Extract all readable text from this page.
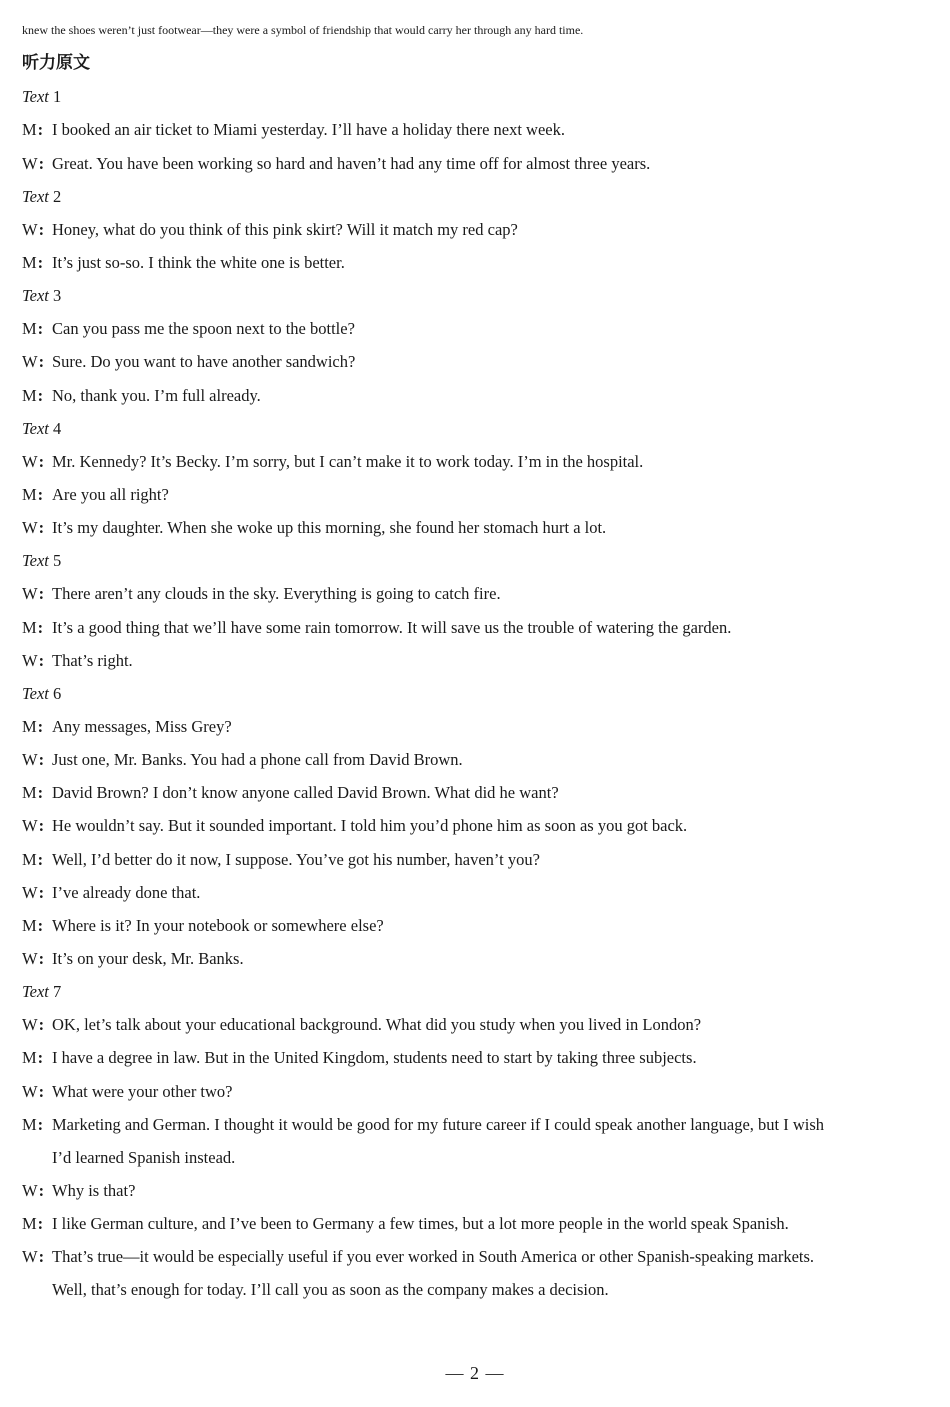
knew the shoes weren’t just footwear—they were a symbol of friendship that would carry her through any hard time.
听力原文
Text 1
M: I booked an air ticket to Miami yesterday. I’ll have a holiday there next week.
W: Great. You have been working so hard and haven’t had any time off for almost three years.
Text 2
W: Honey, what do you think of this pink skirt? Will it match my red cap?
M: It’s just so-so. I think the white one is better.
Text 3
M: Can you pass me the spoon next to the bottle?
W: Sure. Do you want to have another sandwich?
M: No, thank you. I’m full already.
Text 4
W: Mr. Kennedy? It’s Becky. I’m sorry, but I can’t make it to work today. I’m in the hospital.
M: Are you all right?
W: It’s my daughter. When she woke up this morning, she found her stomach hurt a lot.
Text 5
W: There aren’t any clouds in the sky. Everything is going to catch fire.
M: It’s a good thing that we’ll have some rain tomorrow. It will save us the trouble of watering the garden.
W: That’s right.
Text 6
M: Any messages, Miss Grey?
W: Just one, Mr. Banks. You had a phone call from David Brown.
M: David Brown? I don’t know anyone called David Brown. What did he want?
W: He wouldn’t say. But it sounded important. I told him you’d phone him as soon as you got back.
M: Well, I’d better do it now, I suppose. You’ve got his number, haven’t you?
W: I’ve already done that.
M: Where is it? In your notebook or somewhere else?
W: It’s on your desk, Mr. Banks.
Text 7
W: OK, let’s talk about your educational background. What did you study when you lived in London?
M: I have a degree in law. But in the United Kingdom, students need to start by taking three subjects.
W: What were your other two?
M: Marketing and German. I thought it would be good for my future career if I could speak another language, but I wish
I’d learned Spanish instead.
W: Why is that?
M: I like German culture, and I’ve been to Germany a few times, but a lot more people in the world speak Spanish.
W: That’s true—it would be especially useful if you ever worked in South America or other Spanish-speaking markets.
Well, that’s enough for today. I’ll call you as soon as the company makes a decision.
— 2 —
